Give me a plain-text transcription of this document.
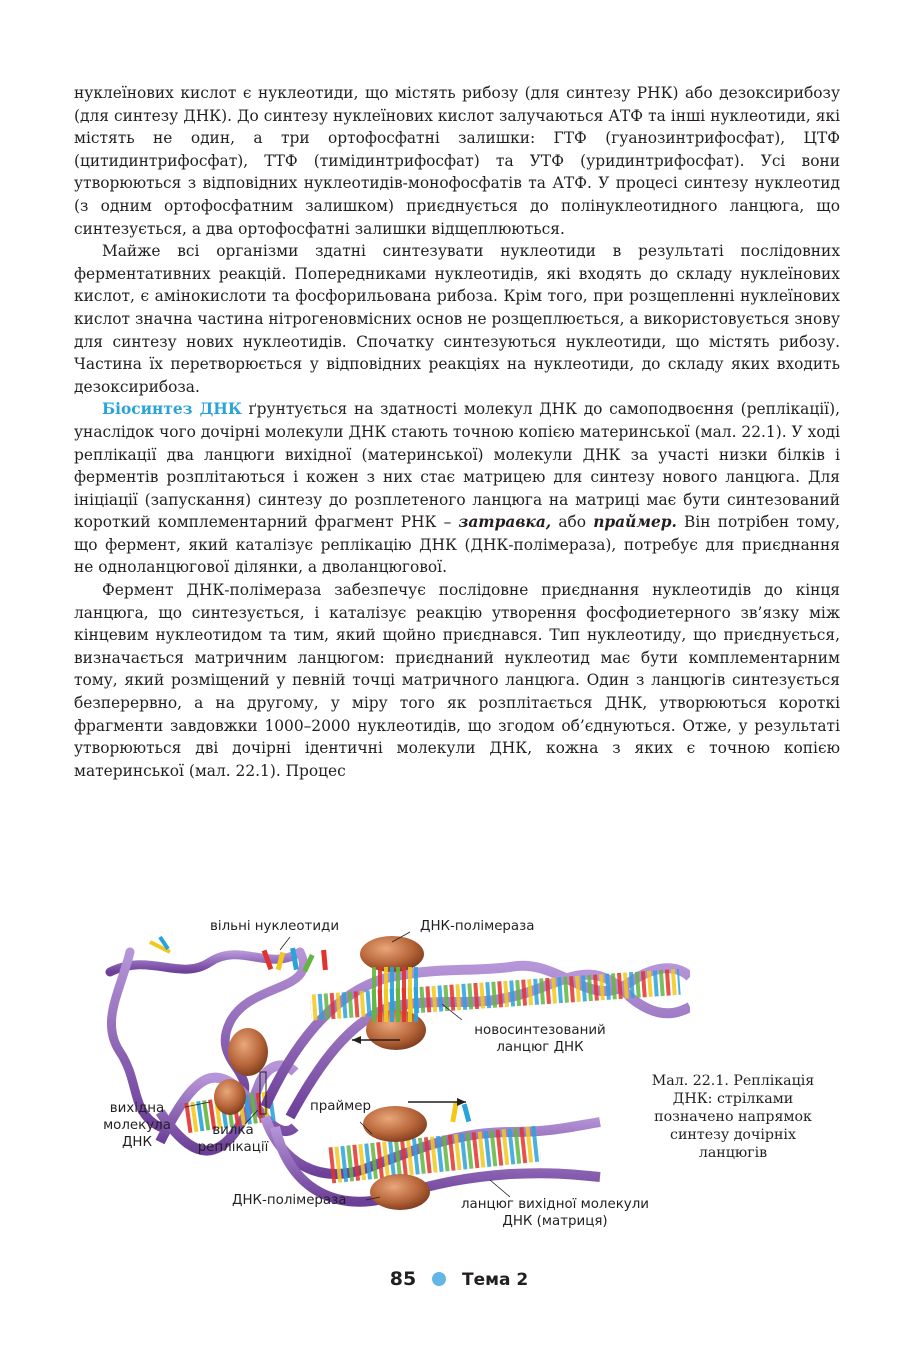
нуклеїнових кислот є нуклеотиди, що містять рибозу (для синтезу РНК) або дезоксирибозу (для синтезу ДНК). До синтезу нуклеїнових кислот залучаються АТФ та інші нуклеотиди, які містять не один, а три ортофосфатні залишки: ГТФ (гуанозинтрифосфат), ЦТФ (цитидинтрифосфат), ТТФ (тимідинтрифосфат) та УТФ (уридинтрифосфат). Усі вони утворюються з відповідних нуклеотидів-монофосфатів та АТФ. У процесі синтезу нуклеотид (з одним ортофосфатним залишком) приєднується до полінуклеотидного ланцюга, що синтезується, а два ортофосфатні залишки відщеплюються.

Майже всі організми здатні синтезувати нуклеотиди в результаті послідовних ферментативних реакцій. Попередниками нуклеотидів, які входять до складу нуклеїнових кислот, є амінокислоти та фосфорильована рибоза. Крім того, при розщепленні нуклеїнових кислот значна частина нітрогеновмісних основ не розщеплюється, а використовується знову для синтезу нових нуклеотидів. Спочатку синтезуються нуклеотиди, що містять рибозу. Частина їх перетворюється у відповідних реакціях на нуклеотиди, до складу яких входить дезоксирибоза.

Біосинтез ДНК ґрунтується на здатності молекул ДНК до самоподвоєння (реплікації), унаслідок чого дочірні молекули ДНК стають точною копією материнської (мал. 22.1). У ході реплікації два ланцюги вихідної (материнської) молекули ДНК за участі низки білків і ферментів розплітаються і кожен з них стає матрицею для синтезу нового ланцюга. Для ініціації (запускання) синтезу до розплетеного ланцюга на матриці має бути синтезований короткий комплементарний фрагмент РНК – затравка, або праймер. Він потрібен тому, що фермент, який каталізує реплікацію ДНК (ДНК-полімераза), потребує для приєднання не одноланцюгової ділянки, а дволанцюгової.

Фермент ДНК-полімераза забезпечує послідовне приєднання нуклеотидів до кінця ланцюга, що синтезується, і каталізує реакцію утворення фосфодиетерного зв’язку між кінцевим нуклеотидом та тим, який щойно приєднався. Тип нуклеотиду, що приєднується, визначається матричним ланцюгом: приєднаний нуклеотид має бути комплементарним тому, який розміщений у певній точці матричного ланцюга. Один з ланцюгів синтезується безперервно, а на другому, у міру того як розплітається ДНК, утворюються короткі фрагменти завдовжки 1000–2000 нуклеотидів, що згодом об’єднуються. Отже, у результаті утворюються дві дочірні ідентичні молекули ДНК, кожна з яких є точною копією материнської (мал. 22.1). Процес

вільні нуклеотиди	ДНК-полімераза
новосинтезований
ланцюг ДНК
вихідна
молекула
ДНК
вилка
реплікації
праймер
ДНК-полімераза	ланцюг вихідної молекули
ДНК (матриця)
Мал. 22.1. Реплікація
ДНК: стрілками
позначено напрямок
синтезу дочірніх
ланцюгів
85	Тема 2
